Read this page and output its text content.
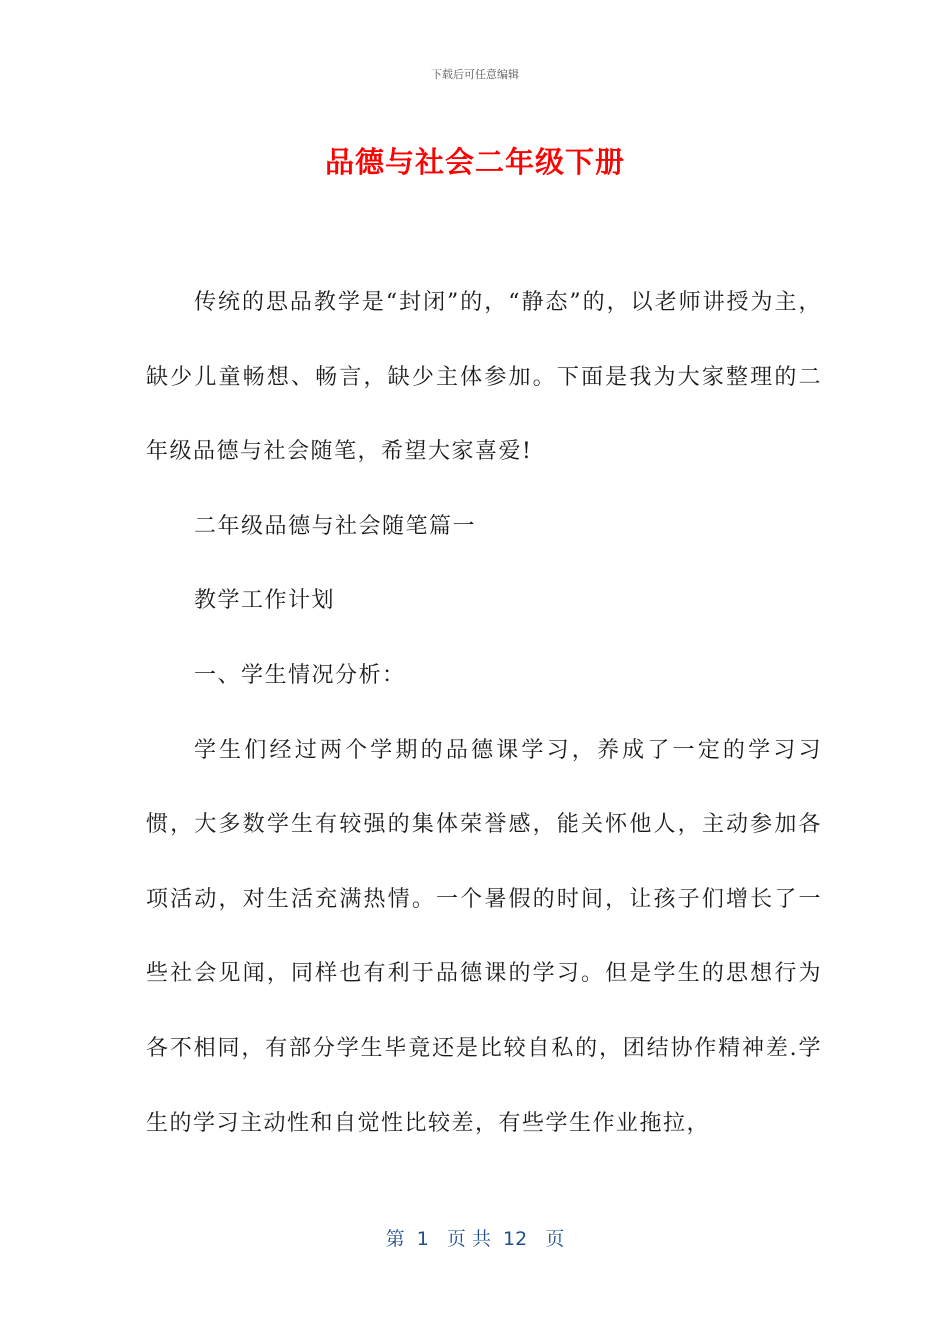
下载后可任意编辑
品德与社会二年级下册

传统的思品教学是“封闭”的，“静态”的，以老师讲授为主，缺少儿童畅想、畅言，缺少主体参加。下面是我为大家整理的二年级品德与社会随笔，希望大家喜爱!

二年级品德与社会随笔篇一

教学工作计划

一、学生情况分析：

学生们经过两个学期的品德课学习，养成了一定的学习习惯，大多数学生有较强的集体荣誉感，能关怀他人，主动参加各项活动，对生活充满热情。一个暑假的时间，让孩子们增长了一些社会见闻，同样也有利于品德课的学习。但是学生的思想行为各不相同，有部分学生毕竟还是比较自私的，团结协作精神差.学生的学习主动性和自觉性比较差，有些学生作业拖拉，

第  1   页 共  12   页
